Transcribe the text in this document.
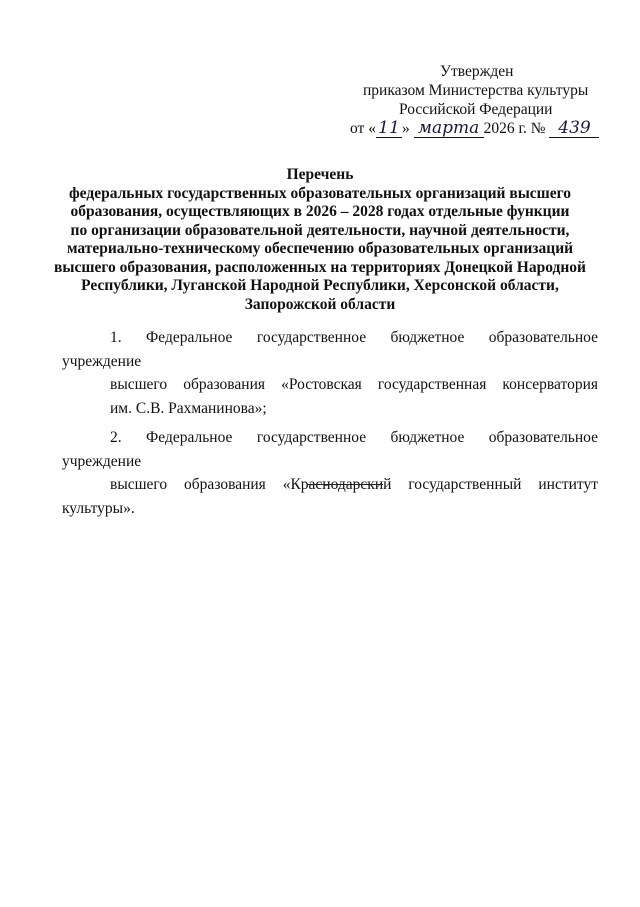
Утвержден
приказом Министерства культуры
Российской Федерации
от « 11 » марта 2026 г. № 439
Перечень
федеральных государственных образовательных организаций высшего
образования, осуществляющих в 2026 – 2028 годах отдельные функции
по организации образовательной деятельности, научной деятельности,
материально-техническому обеспечению образовательных организаций
высшего образования, расположенных на территориях Донецкой Народной
Республики, Луганской Народной Республики, Херсонской области,
Запорожской области
1. Федеральное государственное бюджетное образовательное учреждение
высшего образования «Ростовская государственная консерватория
им. С.В. Рахманинова»;
2. Федеральное государственное бюджетное образовательное учреждение
высшего образования «Краснодарский государственный институт культуры».
